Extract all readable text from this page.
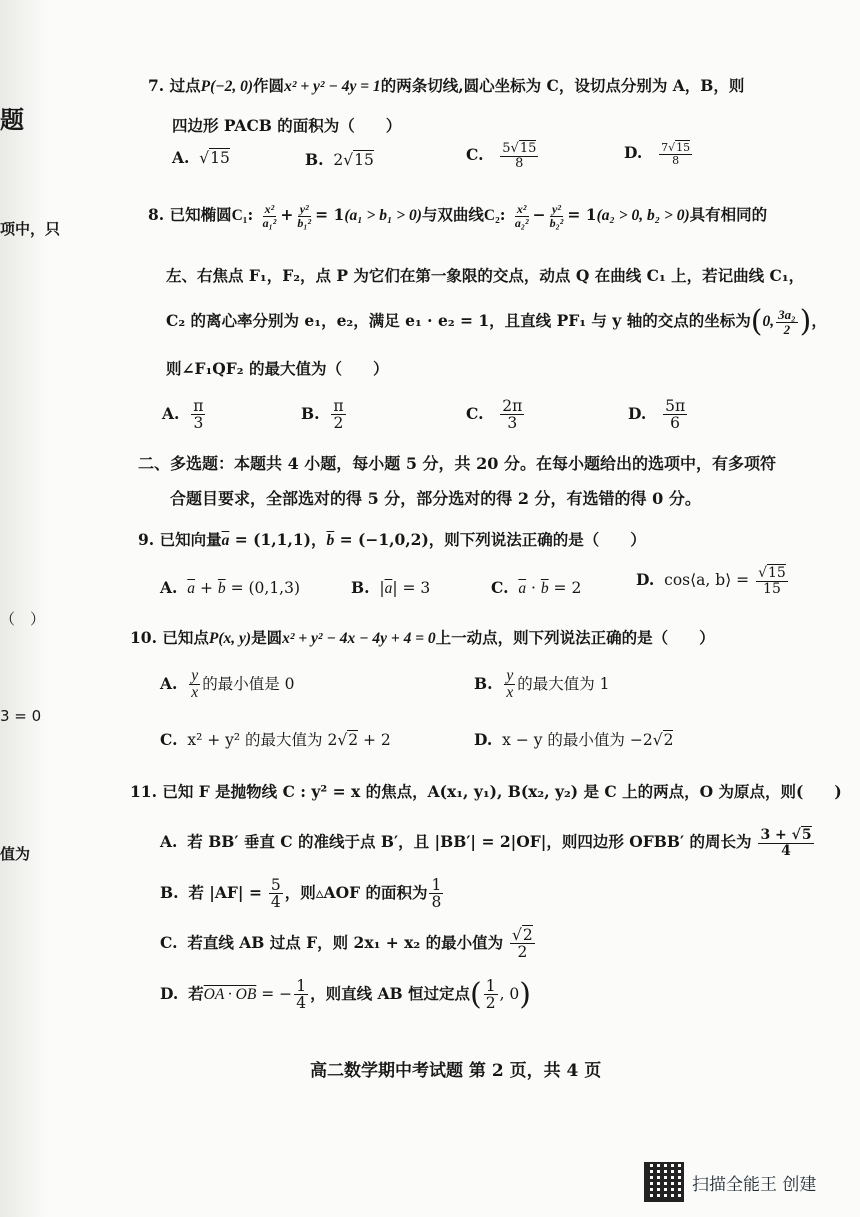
题
项中，只
（　）
3 = 0
值为
7. 过点P(−2, 0)作圆x² + y² − 4y = 1的两条切线,圆心坐标为 C，设切点分别为 A，B，则
四边形 PACB 的面积为（　　）
A.  √15	B. 2√15	C. $\frac{5√15}{8}$	D. $\frac{7√15}{8}$
8. 已知椭圆C₁: $\frac{\text{x²}}{\text{a₁²}} + \frac{\text{y²}}{\text{b₁²}} = 1(a_1 > b_1 > 0)$与双曲线C₂: $\frac{\text{x²}}{\text{a₂²}} - \frac{\text{y²}}{\text{b₂²}} = 1(a_2 > 0$, b₂ > 0)具有相同的
左、右焦点 F₁，F₂，点 P 为它们在第一象限的交点，动点 Q 在曲线 C₁ 上，若记曲线 C₁，
C₂ 的离心率分别为 e₁，e₂，满足 e₁ · e₂ = 1，且直线 PF₁ 与 y 轴的交点的坐标为(0, $\frac{\text{3a₂}}{2}$ )，
则∠F₁QF₂ 的最大值为（　　）
A. $\frac{\pi}{3}$	B. $\frac{\pi}{2}$	C. $\frac{2\pi}{3}$	D. $\frac{5\pi}{6}$
二、多选题：本题共 4 小题，每小题 5 分，共 20 分。在每小题给出的选项中，有多项符
合题目要求，全部选对的得 5 分，部分选对的得 2 分，有选错的得 0 分。
9. 已知向量$\overline{a} = (1,1,1)$，$\overline{b} = (-1,0,2)$，则下列说法正确的是（　　）
A. $\overline{a} + \overline{b} = (0,1,3)$	B.  $|\overline{a}| = 3$	C. $\overline{a} \cdot \overline{b} = 2$	D. cos⟨a, b⟩ = $\frac{√15}{15}$
10. 已知点P(x, y)是圆x² + y² − 4x − 4y + 4 = 0上一动点，则下列说法正确的是（　　）
A. $\frac{y}{x}$ 的最小值是 0	B. $\frac{y}{x}$ 的最大值为 1
C. x² + y² 的最大值为 2√2 + 2	D. x − y 的最小值为 −2√2
11. 已知 F 是抛物线 C : y² = x 的焦点，A(x₁, y₁), B(x₂, y₂) 是 C 上的两点，O 为原点，则(　　)
A. 若 BB′ 垂直 C 的准线于点 B′，且 |BB′| = 2|OF|，则四边形 OFBB′ 的周长为 $\frac{3 + √5}{4}$
B. 若 $|AF| = \frac{5}{4}$ ，则▵AOF 的面积为 $\frac{1}{8}$
C. 若直线 AB 过点 F，则 2x₁ + x₂ 的最小值为 $\frac{√2}{2}$
D. 若OA · OB = − $\frac{1}{4}$ ，则直线 AB 恒过定点( $\frac{1}{2}$ , 0)
高二数学期中考试题 第 2 页，共 4 页
扫描全能王 创建
